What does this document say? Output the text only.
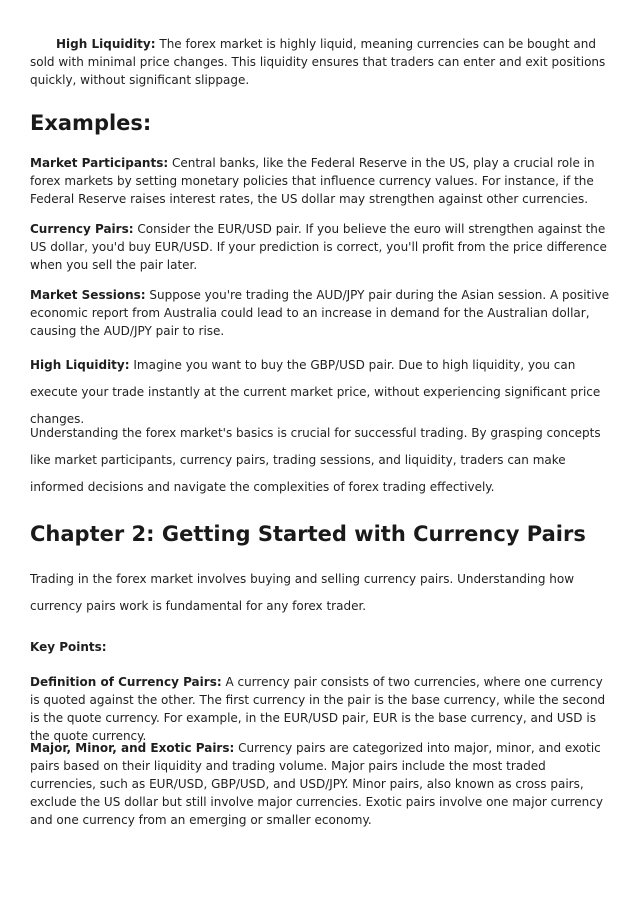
High Liquidity: The forex market is highly liquid, meaning currencies can be bought and sold with minimal price changes. This liquidity ensures that traders can enter and exit positions quickly, without significant slippage.

Examples:

Market Participants: Central banks, like the Federal Reserve in the US, play a crucial role in forex markets by setting monetary policies that influence currency values. For instance, if the Federal Reserve raises interest rates, the US dollar may strengthen against other currencies.

Currency Pairs: Consider the EUR/USD pair. If you believe the euro will strengthen against the US dollar, you'd buy EUR/USD. If your prediction is correct, you'll profit from the price difference when you sell the pair later.

Market Sessions: Suppose you're trading the AUD/JPY pair during the Asian session. A positive economic report from Australia could lead to an increase in demand for the Australian dollar, causing the AUD/JPY pair to rise.

High Liquidity: Imagine you want to buy the GBP/USD pair. Due to high liquidity, you can execute your trade instantly at the current market price, without experiencing significant price changes.

Understanding the forex market's basics is crucial for successful trading. By grasping concepts like market participants, currency pairs, trading sessions, and liquidity, traders can make informed decisions and navigate the complexities of forex trading effectively.

Chapter 2: Getting Started with Currency Pairs

Trading in the forex market involves buying and selling currency pairs. Understanding how currency pairs work is fundamental for any forex trader.

Key Points:

Definition of Currency Pairs: A currency pair consists of two currencies, where one currency is quoted against the other. The first currency in the pair is the base currency, while the second is the quote currency. For example, in the EUR/USD pair, EUR is the base currency, and USD is the quote currency.

Major, Minor, and Exotic Pairs: Currency pairs are categorized into major, minor, and exotic pairs based on their liquidity and trading volume. Major pairs include the most traded currencies, such as EUR/USD, GBP/USD, and USD/JPY. Minor pairs, also known as cross pairs, exclude the US dollar but still involve major currencies. Exotic pairs involve one major currency and one currency from an emerging or smaller economy.
